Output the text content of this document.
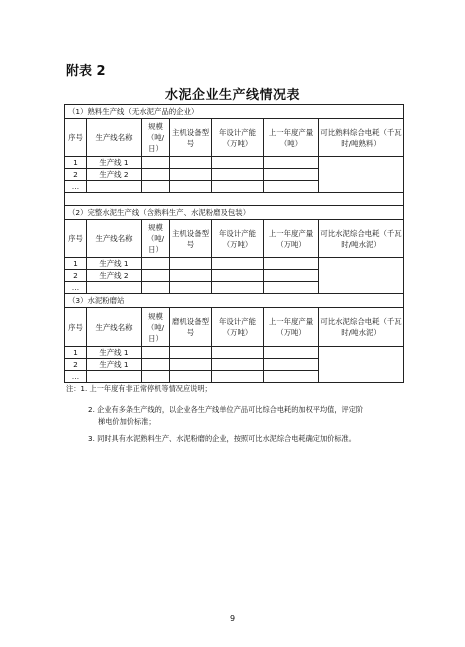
附表 2
水泥企业生产线情况表
（1）熟料生产线（无水泥产品的企业）						
序号	生产线名称	规模（吨/日）	主机设备型号	年设计产能（万吨）	上一年度产量（吨）	可比熟料综合电耗（千瓦时/吨熟料）
1	生产线 1					
2	生产线 2					
…						

（2）完整水泥生产线（含熟料生产、水泥粉磨及包装）						
序号	生产线名称	规模（吨/日）	主机设备型号	年设计产能（万吨）	上一年度产量（万吨）	可比水泥综合电耗（千瓦时/吨水泥）
1	生产线 1					
2	生产线 2					
…						
（3）水泥粉磨站						
序号	生产线名称	规模（吨/日）	磨机设备型号	年设计产能（万吨）	上一年度产量（万吨）	可比水泥综合电耗（千瓦时/吨水泥）
1	生产线 1					
2	生产线 1					
…						
注：1. 上一年度有非正常停机等情况应说明；
2. 企业有多条生产线的，以企业各生产线单位产品可比综合电耗的加权平均值，评定阶
梯电价加价标准；
3. 同时具有水泥熟料生产、水泥粉磨的企业，按照可比水泥综合电耗确定加价标准。
9
